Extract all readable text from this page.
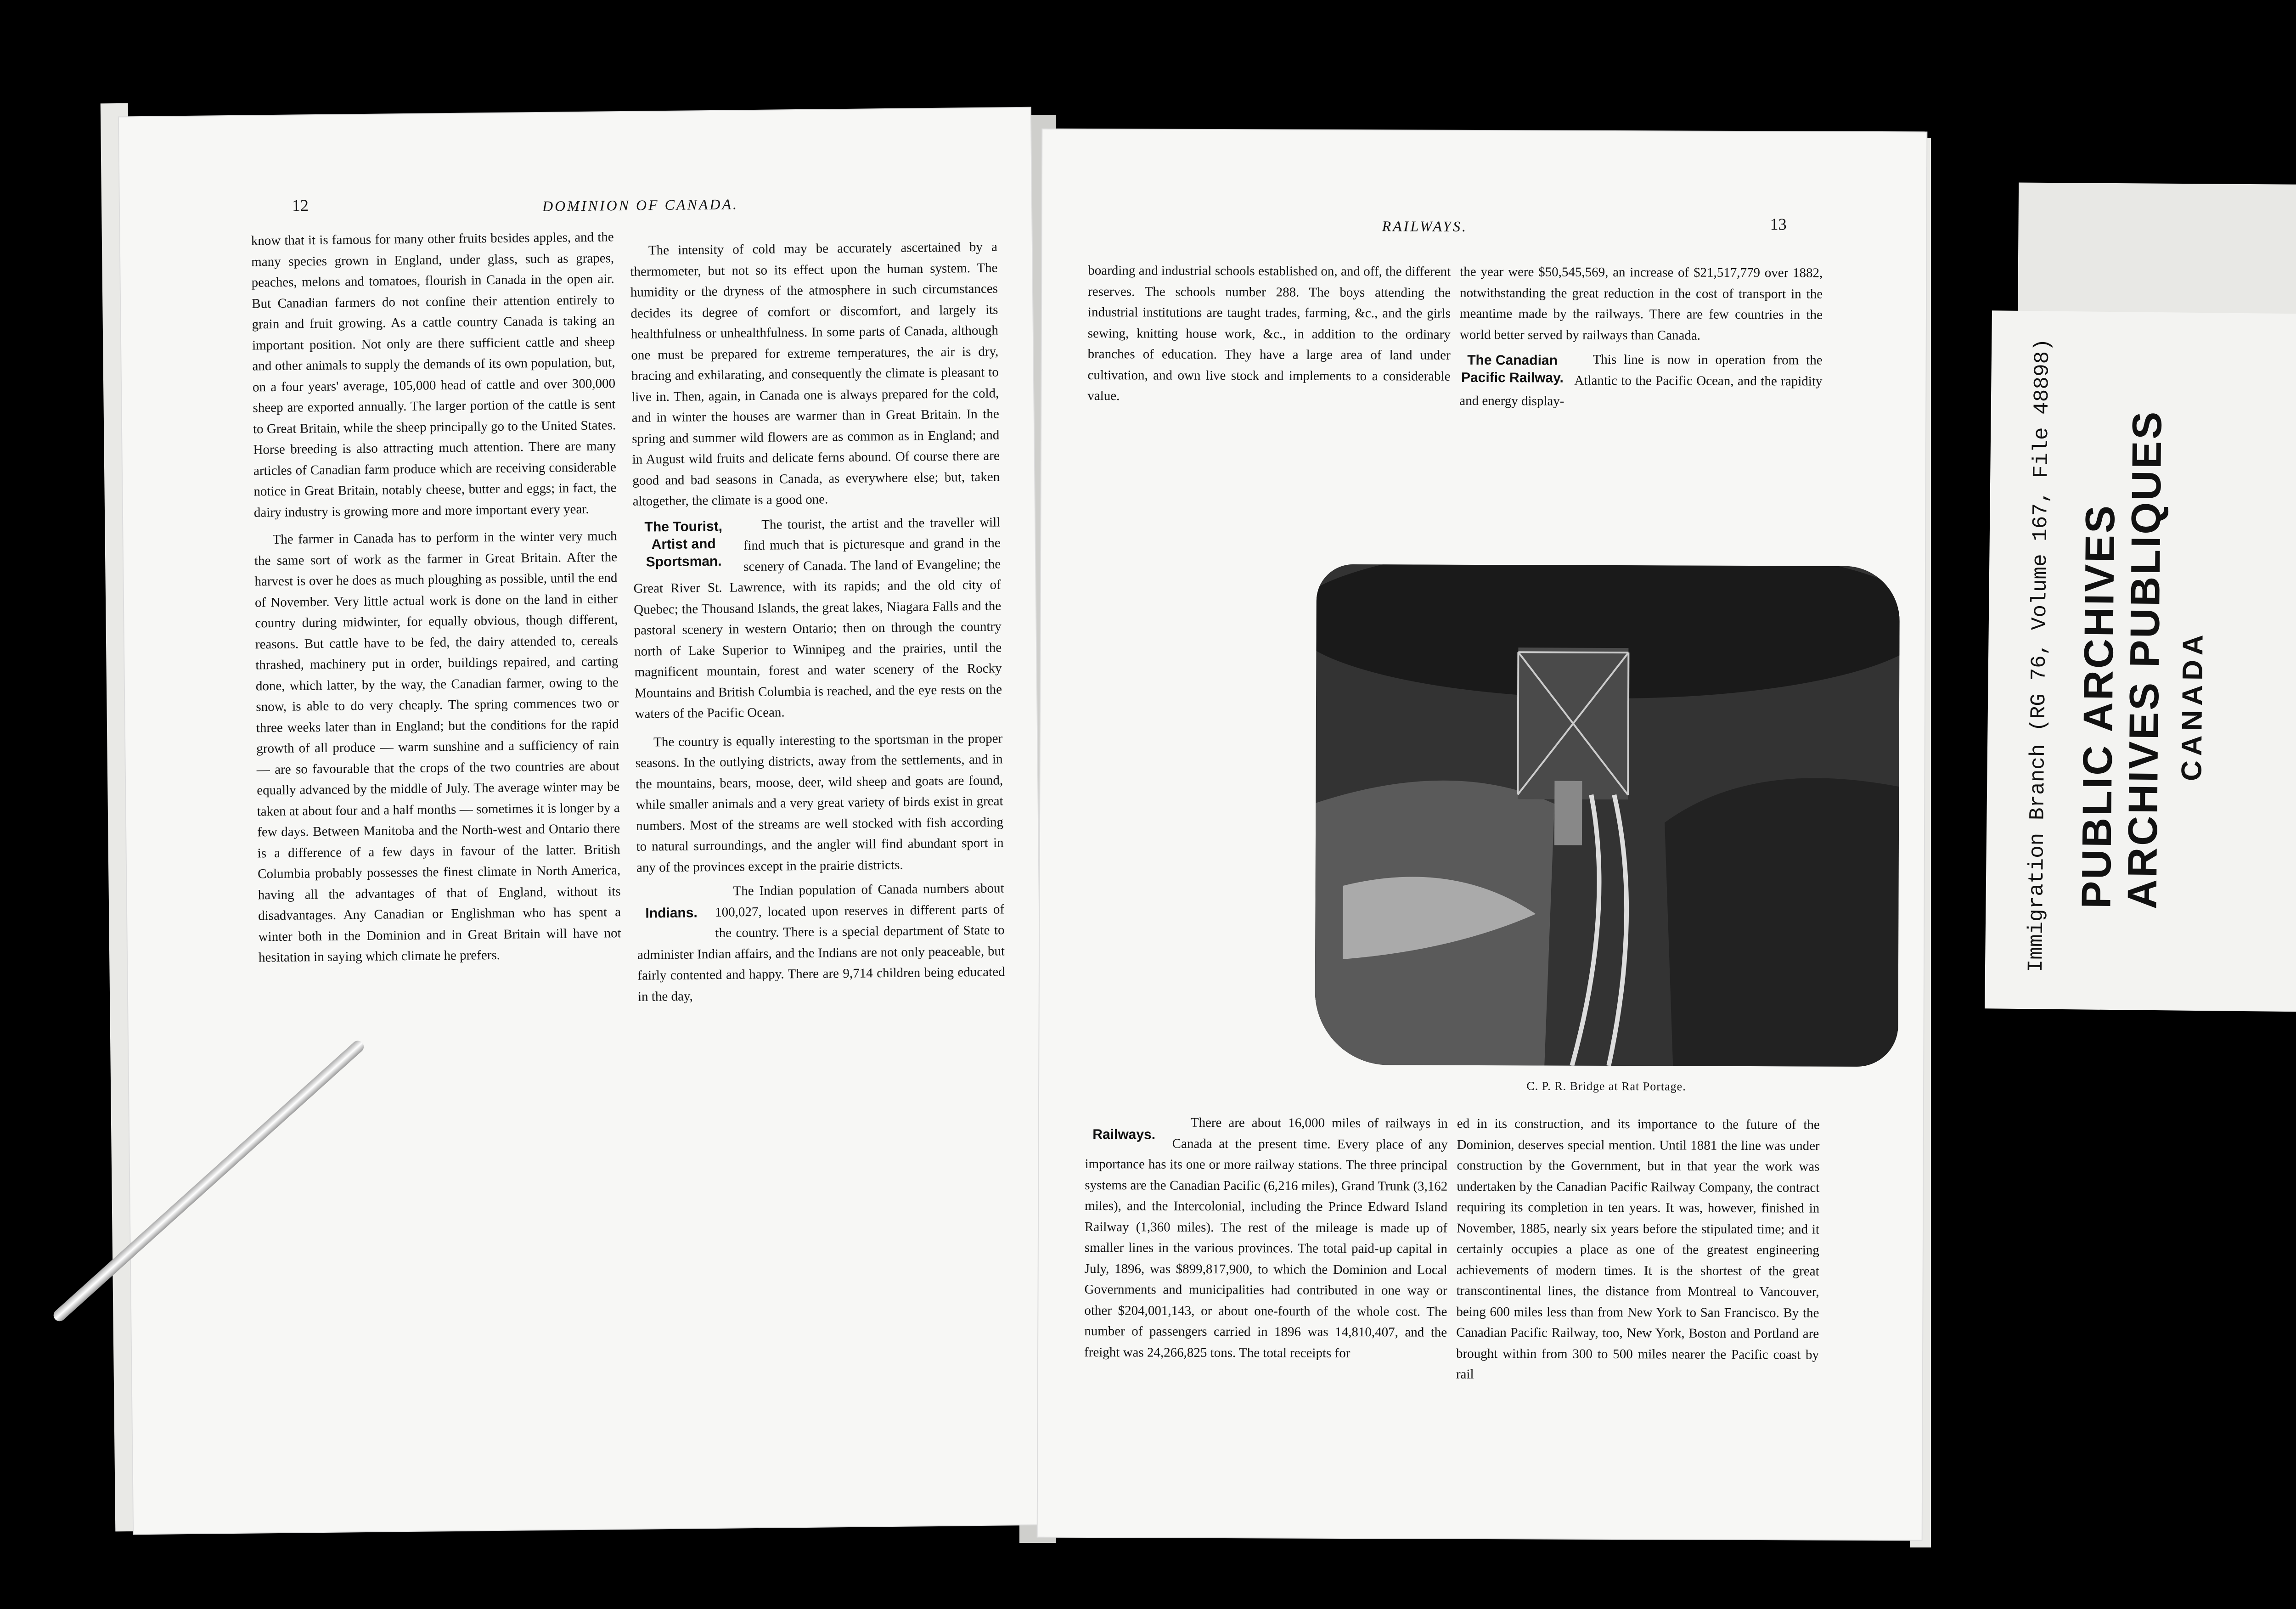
12	DOMINION OF CANADA.

know that it is famous for many other fruits besides apples, and the many species grown in England, under glass, such as grapes, peaches, melons and tomatoes, flourish in Canada in the open air. But Canadian farmers do not confine their attention entirely to grain and fruit growing. As a cattle country Canada is taking an important position. Not only are there sufficient cattle and sheep and other animals to supply the demands of its own population, but, on a four years' average, 105,000 head of cattle and over 300,000 sheep are exported annually. The larger portion of the cattle is sent to Great Britain, while the sheep principally go to the United States. Horse breeding is also attracting much attention. There are many articles of Canadian farm produce which are receiving considerable notice in Great Britain, notably cheese, butter and eggs; in fact, the dairy industry is growing more and more important every year.

The farmer in Canada has to perform in the winter very much the same sort of work as the farmer in Great Britain. After the harvest is over he does as much ploughing as possible, until the end of November. Very little actual work is done on the land in either country during midwinter, for equally obvious, though different, reasons. But cattle have to be fed, the dairy attended to, cereals thrashed, machinery put in order, buildings repaired, and carting done, which latter, by the way, the Canadian farmer, owing to the snow, is able to do very cheaply. The spring commences two or three weeks later than in England; but the conditions for the rapid growth of all produce — warm sunshine and a sufficiency of rain — are so favourable that the crops of the two countries are about equally advanced by the middle of July. The average winter may be taken at about four and a half months — sometimes it is longer by a few days. Between Manitoba and the North-west and Ontario there is a difference of a few days in favour of the latter. British Columbia probably possesses the finest climate in North America, having all the advantages of that of England, without its disadvantages. Any Canadian or Englishman who has spent a winter both in the Dominion and in Great Britain will have not hesitation in saying which climate he prefers.

The intensity of cold may be accurately ascertained by a thermometer, but not so its effect upon the human system. The humidity or the dryness of the atmosphere in such circumstances decides its degree of comfort or discomfort, and largely its healthfulness or unhealthfulness. In some parts of Canada, although one must be prepared for extreme temperatures, the air is dry, bracing and exhilarating, and consequently the climate is pleasant to live in. Then, again, in Canada one is always prepared for the cold, and in winter the houses are warmer than in Great Britain. In the spring and summer wild flowers are as common as in England; and in August wild fruits and delicate ferns abound. Of course there are good and bad seasons in Canada, as everywhere else; but, taken altogether, the climate is a good one.

The Tourist, Artist and Sportsman.

The tourist, the artist and the traveller will find much that is picturesque and grand in the scenery of Canada. The land of Evangeline; the Great River St. Lawrence, with its rapids; and the old city of Quebec; the Thousand Islands, the great lakes, Niagara Falls and the pastoral scenery in western Ontario; then on through the country north of Lake Superior to Winnipeg and the prairies, until the magnificent mountain, forest and water scenery of the Rocky Mountains and British Columbia is reached, and the eye rests on the waters of the Pacific Ocean.

The country is equally interesting to the sportsman in the proper seasons. In the outlying districts, away from the settlements, and in the mountains, bears, moose, deer, wild sheep and goats are found, while smaller animals and a very great variety of birds exist in great numbers. Most of the streams are well stocked with fish according to natural surroundings, and the angler will find abundant sport in any of the provinces except in the prairie districts.

Indians.

The Indian population of Canada numbers about 100,027, located upon reserves in different parts of the country. There is a special department of State to administer Indian affairs, and the Indians are not only peaceable, but fairly contented and happy. There are 9,714 children being educated in the day,

RAILWAYS.	13

boarding and industrial schools established on, and off, the different reserves. The schools number 288. The boys attending the industrial institutions are taught trades, farming, &c., and the girls sewing, knitting house work, &c., in addition to the ordinary branches of education. They have a large area of land under cultivation, and own live stock and implements to a considerable value.

the year were $50,545,569, an increase of $21,517,779 over 1882, notwithstanding the great reduction in the cost of transport in the meantime made by the railways. There are few countries in the world better served by railways than Canada.

The Canadian Pacific Railway.

This line is now in operation from the Atlantic to the Pacific Ocean, and the rapidity and energy display-

C. P. R. Bridge at Rat Portage.
Railways.

There are about 16,000 miles of railways in Canada at the present time. Every place of any importance has its one or more railway stations. The three principal systems are the Canadian Pacific (6,216 miles), Grand Trunk (3,162 miles), and the Intercolonial, including the Prince Edward Island Railway (1,360 miles). The rest of the mileage is made up of smaller lines in the various provinces. The total paid-up capital in July, 1896, was $899,817,900, to which the Dominion and Local Governments and municipalities had contributed in one way or other $204,001,143, or about one-fourth of the whole cost. The number of passengers carried in 1896 was 14,810,407, and the freight was 24,266,825 tons. The total receipts for

ed in its construction, and its importance to the future of the Dominion, deserves special mention. Until 1881 the line was under construction by the Government, but in that year the work was undertaken by the Canadian Pacific Railway Company, the contract requiring its completion in ten years. It was, however, finished in November, 1885, nearly six years before the stipulated time; and it certainly occupies a place as one of the greatest engineering achievements of modern times. It is the shortest of the great transcontinental lines, the distance from Montreal to Vancouver, being 600 miles less than from New York to San Francisco. By the Canadian Pacific Railway, too, New York, Boston and Portland are brought within from 300 to 500 miles nearer the Pacific coast by rail

Immigration Branch (RG 76, Volume 167, File 48898) PUBLIC ARCHIVES
ARCHIVES PUBLIQUES CANADA
